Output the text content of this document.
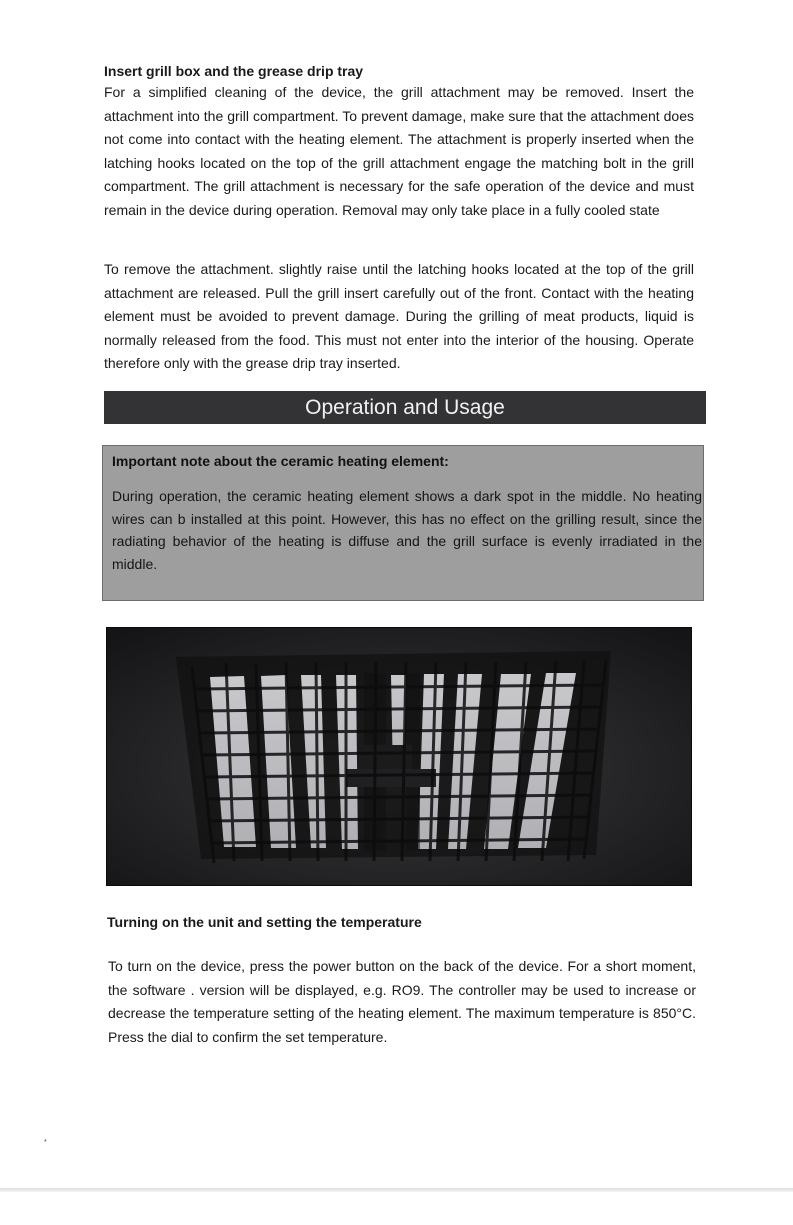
Insert grill box and the grease drip tray
For a simplified cleaning of the device, the grill attachment may be removed. Insert the attachment into the grill compartment. To prevent damage, make sure that the attachment does not come into contact with the heating element. The attachment is properly inserted when the latching hooks located on the top of the grill attachment engage the matching bolt in the grill compartment. The grill attachment is necessary for the safe operation of the device and must remain in the device during operation. Removal may only take place in a fully cooled state
To remove the attachment. slightly raise until the latching hooks located at the top of the grill attachment are released. Pull the grill insert carefully out of the front. Contact with the heating element must be avoided to prevent damage. During the grilling of meat products, liquid is normally released from the food. This must not enter into the interior of the housing. Operate therefore only with the grease drip tray inserted.
Operation and Usage
Important note about the ceramic heating element:
During operation, the ceramic heating element shows a dark spot in the middle. No heating wires can b installed at this point. However, this has no effect on the grilling result, since the radiating behavior of the heating is diffuse and the grill surface is evenly irradiated in the middle.
Turning on the unit and setting the temperature
To turn on the device, press the power button on the back of the device. For a short moment, the software . version will be displayed, e.g. RO9. The controller may be used to increase or decrease the temperature setting of the heating element. The maximum temperature is 850°C. Press the dial to confirm the set temperature.
*
